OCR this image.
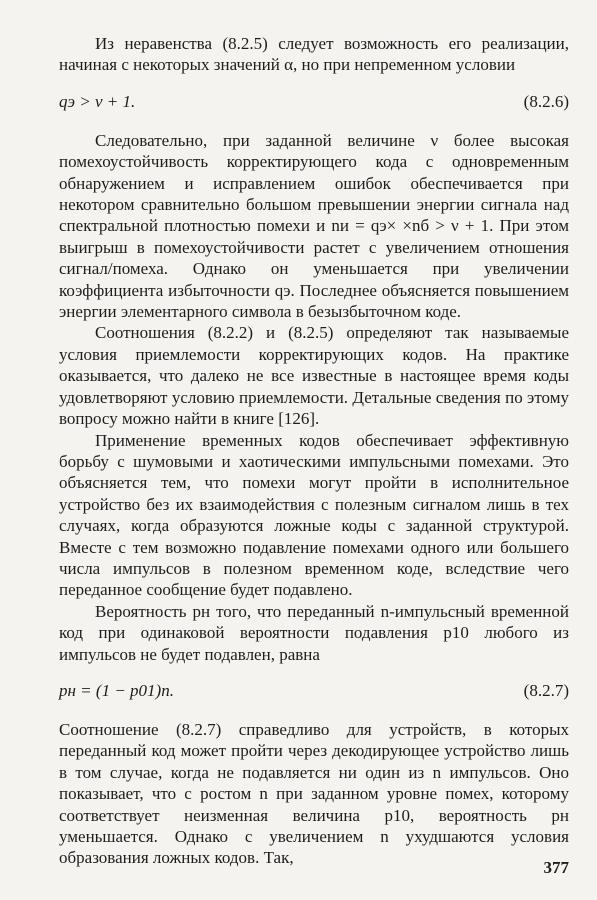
Из неравенства (8.2.5) следует возможность его реализации, начиная с некоторых значений α, но при непременном условии

qэ > ν + 1.	(8.2.6)

Следовательно, при заданной величине ν более высокая помехоустойчивость корректирующего кода с одновременным обнаружением и исправлением ошибок обеспечивается при некотором сравнительно большом превышении энергии сигнала над спектральной плотностью помехи и nи = qэ× ×nб > ν + 1. При этом выигрыш в помехоустойчивости растет с увеличением отношения сигнал/помеха. Однако он уменьшается при увеличении коэффициента избыточности qэ. Последнее объясняется повышением энергии элементарного символа в безызбыточном коде.

Соотношения (8.2.2) и (8.2.5) определяют так называемые условия приемлемости корректирующих кодов. На практике оказывается, что далеко не все известные в настоящее время коды удовлетворяют условию приемлемости. Детальные сведения по этому вопросу можно найти в книге [126].

Применение временных кодов обеспечивает эффективную борьбу с шумовыми и хаотическими импульсными помехами. Это объясняется тем, что помехи могут пройти в исполнительное устройство без их взаимодействия с полезным сигналом лишь в тех случаях, когда образуются ложные коды с заданной структурой. Вместе с тем возможно подавление помехами одного или большего числа импульсов в полезном временном коде, вследствие чего переданное сообщение будет подавлено.

Вероятность pн того, что переданный n-импульсный временной код при одинаковой вероятности подавления p10 любого из импульсов не будет подавлен, равна

pн = (1 − p01)n.	(8.2.7)

Соотношение (8.2.7) справедливо для устройств, в которых переданный код может пройти через декодирующее устройство лишь в том случае, когда не подавляется ни один из n импульсов. Оно показывает, что с ростом n при заданном уровне помех, которому соответствует неизменная величина p10, вероятность pн уменьшается. Однако с увеличением n ухудшаются условия образования ложных кодов. Так,

377
